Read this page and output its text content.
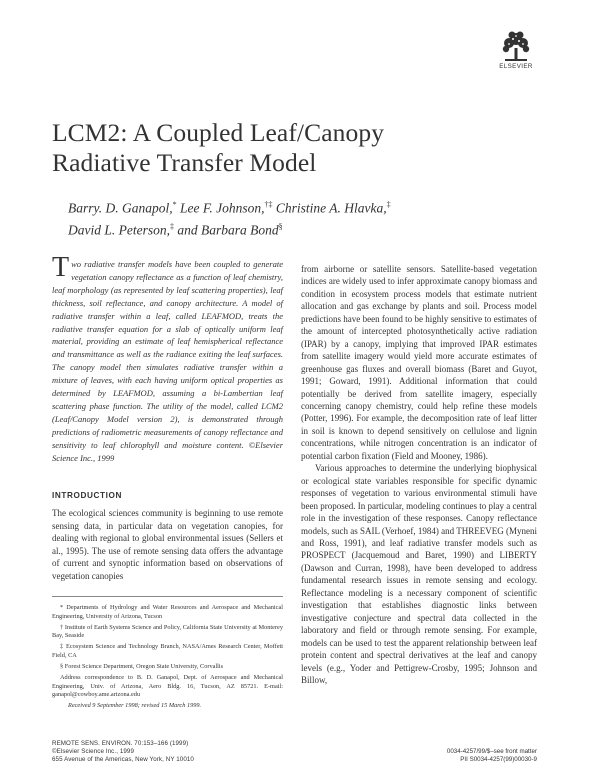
ELSEVIER
LCM2: A Coupled Leaf/Canopy
Radiative Transfer Model
Barry. D. Ganapol,* Lee F. Johnson,†‡ Christine A. Hlavka,‡
David L. Peterson,‡ and Barbara Bond§
Two radiative transfer models have been coupled to generate vegetation canopy reflectance as a function of leaf chemistry, leaf morphology (as represented by leaf scattering properties), leaf thickness, soil reflectance, and canopy architecture. A model of radiative transfer within a leaf, called LEAFMOD, treats the radiative transfer equation for a slab of optically uniform leaf material, providing an estimate of leaf hemispherical reflectance and transmittance as well as the radiance exiting the leaf surfaces. The canopy model then simulates radiative transfer within a mixture of leaves, with each having uniform optical properties as determined by LEAFMOD, assuming a bi-Lambertian leaf scattering phase function. The utility of the model, called LCM2 (Leaf/Canopy Model version 2), is demonstrated through predictions of radiometric measurements of canopy reflectance and sensitivity to leaf chlorophyll and moisture content. ©Elsevier Science Inc., 1999
INTRODUCTION
The ecological sciences community is beginning to use remote sensing data, in particular data on vegetation canopies, for dealing with regional to global environmental issues (Sellers et al., 1995). The use of remote sensing data offers the advantage of current and synoptic information based on observations of vegetation canopies

* Departments of Hydrology and Water Resources and Aerospace and Mechanical Engineering, University of Arizona, Tucson

† Institute of Earth Systems Science and Policy, California State University at Monterey Bay, Seaside

‡ Ecosystem Science and Technology Branch, NASA/Ames Research Center, Moffett Field, CA

§ Forest Science Department, Oregon State University, Corvallis

Address correspondence to B. D. Ganapol, Dept. of Aerospace and Mechanical Engineering, Univ. of Arizona, Aero Bldg. 16, Tucson, AZ 85721. E-mail: ganapol@cowboy.ame.arizona.edu

Received 9 September 1998; revised 15 March 1999.

from airborne or satellite sensors. Satellite-based vegetation indices are widely used to infer approximate canopy biomass and condition in ecosystem process models that estimate nutrient allocation and gas exchange by plants and soil. Process model predictions have been found to be highly sensitive to estimates of the amount of intercepted photosynthetically active radiation (IPAR) by a canopy, implying that improved IPAR estimates from satellite imagery would yield more accurate estimates of greenhouse gas fluxes and overall biomass (Baret and Guyot, 1991; Goward, 1991). Additional information that could potentially be derived from satellite imagery, especially concerning canopy chemistry, could help refine these models (Potter, 1996). For example, the decomposition rate of leaf litter in soil is known to depend sensitively on cellulose and lignin concentrations, while nitrogen concentration is an indicator of potential carbon fixation (Field and Mooney, 1986).

Various approaches to determine the underlying biophysical or ecological state variables responsible for specific dynamic responses of vegetation to various environmental stimuli have been proposed. In particular, modeling continues to play a central role in the investigation of these responses. Canopy reflectance models, such as SAIL (Verhoef, 1984) and THREEVEG (Myneni and Ross, 1991), and leaf radiative transfer models such as PROSPECT (Jacquemoud and Baret, 1990) and LIBERTY (Dawson and Curran, 1998), have been developed to address fundamental research issues in remote sensing and ecology. Reflectance modeling is a necessary component of scientific investigation that establishes diagnostic links between investigative conjecture and spectral data collected in the laboratory and field or through remote sensing. For example, models can be used to test the apparent relationship between leaf protein content and spectral derivatives at the leaf and canopy levels (e.g., Yoder and Pettigrew-Crosby, 1995; Johnson and Billow,

REMOTE SENS. ENVIRON. 70:153–166 (1999)
©Elsevier Science Inc., 1999
655 Avenue of the Americas, New York, NY 10010
0034-4257/99/$–see front matter
PII S0034-4257(99)00030-9
